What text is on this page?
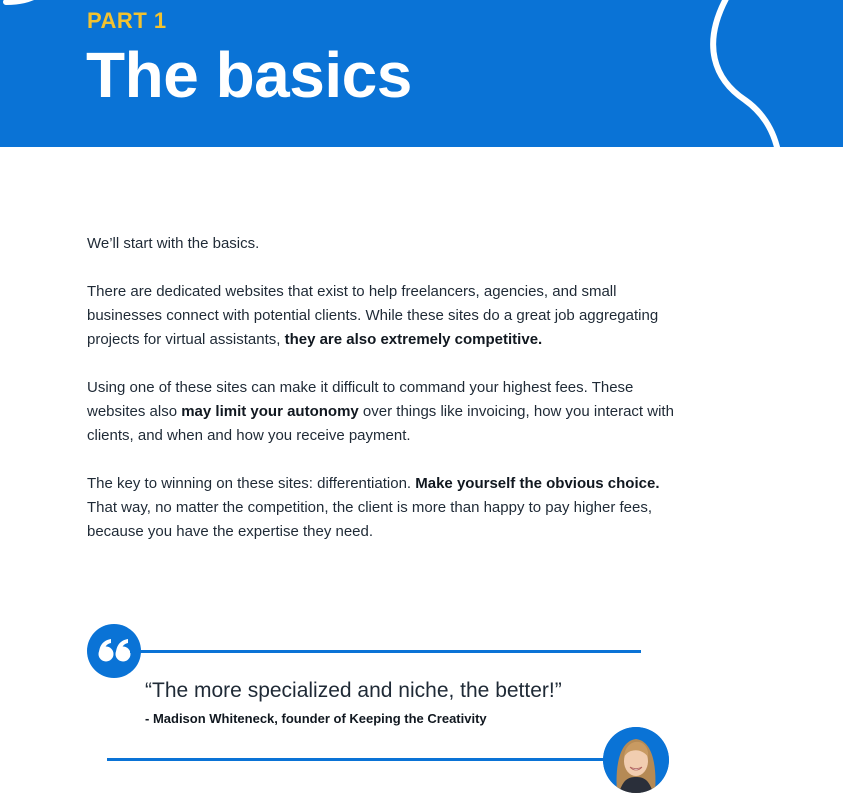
PART 1
The basics

We’ll start with the basics.

There are dedicated websites that exist to help freelancers, agencies, and small businesses connect with potential clients. While these sites do a great job aggregating projects for virtual assistants, they are also extremely competitive.

Using one of these sites can make it difficult to command your highest fees. These websites also may limit your autonomy over things like invoicing, how you interact with clients, and when and how you receive payment.

The key to winning on these sites: differentiation. Make yourself the obvious choice. That way, no matter the competition, the client is more than happy to pay higher fees, because you have the expertise they need.

“The more specialized and niche, the better!”
- Madison Whiteneck, founder of Keeping the Creativity
